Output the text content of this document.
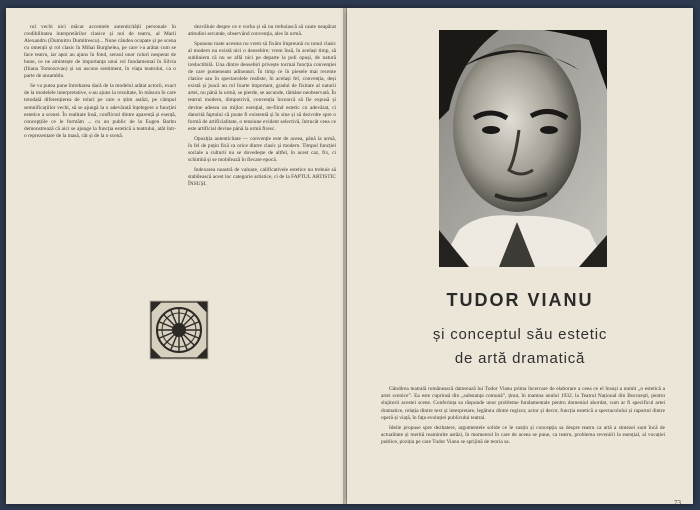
rul vechi nici măcar accentele autenticității personale în credibilitatea interpretărilor clasice și noi de teatru, al Marii Alexandru (Dumnitru Dumitrescu)... Nune cândea ocupate și pe scena cu omenții și rol clasic în Mihai Burghelea, pe care i-a arătat cum se face teatru, iar apoi au ajuns în fond, sensul unor roluri nesperat de bune, ce ne amintește de importanța unui rol fundamental în Silvia (Iliana Tomozovan) și un ascuns sentiment, în viața teatrului, ca o parte de ansamblu.

Se va putea pune întrebarea dacă de la modelul arătat actorii, exact de la modelele interpretative, s-au ajuns la rezultate, în măsura în care totodată diferențierea de roluri pe care o știm astăzi, pe câmpul semnificațiilor vechi, să se ajungă la o adevărată înțelegere a funcției estetice a scenei. În realitate însă, conflictul dintre aparență și esență, concepțiile ce le formăm ... cu un public de la Eugen Barbu demonstrează că aici se ajunge la funcția estetică a teatrului, atât într-o reprezentare de la masă, cât și de la o scenă.

dezvăluie despre ce e vorba și să nu trebuiască să caute neapărat atitudini secunde, observând convenția, ales în urmă.

Spuneau toate acestea nu vrem să fixăm împreună cu tonul clasic al modern nu există nici o deosebire; vrem însă, în același timp, să subliniem că nu se află nici pe departe la poli opuși, de natură ireductibilă. Una dintre deosebiri privește tocmai funcția convenției de care pomeneam adineauri. În timp ce în piesele mai recente clasice sau în spectacolele realiste, în același fel, convenția, deși există și joacă un rol foarte important, gradul de fixitate al naturii artei, nu până la urmă, se pierde, se ascunde, rămâne neobservată. În teatrul modern, dimpotrivă, convenția încearcă să fie expusă și devine adesea un mijloc esențial, ne-fiind estetic cu adevărat, ci datorită faptului că poate fi existentă și în sine și să dezvolte spre o formă de artificialitate, o tensiune evident selectivă, întrucât ceea ce este artificial devine până la urmă firesc.

Opoziția autenticitate — convenție este de aceea, până la urmă, în fel de puțin fixă ca orice dintre clasic și modern. Timpul funcției sociale a culturii nu se dovedește de altfel, în acest caz, fix, ci schimbă și se mobilează în fiecare epocă.

Indexarea noastră de valoare, calificativele estetice nu trebuie să stabilească acest loc categorie artistice, ci de la FAPTUL ARTISTIC ÎNSUȘI.

TUDOR VIANU
și conceptul său estetic
de artă dramatică

Gândirea teatrală românească datorează lui Tudor Vianu prima încercare de elaborare a ceea ce el însuși a numit „o estetică a artei scenice”. Ea este cuprinsă din „substanța comună”, ținut, în toamna anului 1932, la Teatrul Național din București, pentru slujitorii acestei scene. Conferința sa răspunde unor probleme fundamentale pentru domeniul abordat, cum ar fi specificul artei dramatice, relația dintre text și interpretare, legătura dintre regizor, actor și decor, funcția estetică a spectacolului și raportul dintre operă și viață, în fața evoluției publicului teatral.

Ideile propuse spre dezbatere, argumentele solide ce le susțin și concepția sa despre teatru ca artă a sintezei sunt încă de actualitate și merită reamintite astăzi, în momentul în care de aceea se pune, ca teatru, problema revenirii la esențial, al vocației publice, poziția pe care Tudor Vianu se sprijină de teoria sa.

73
